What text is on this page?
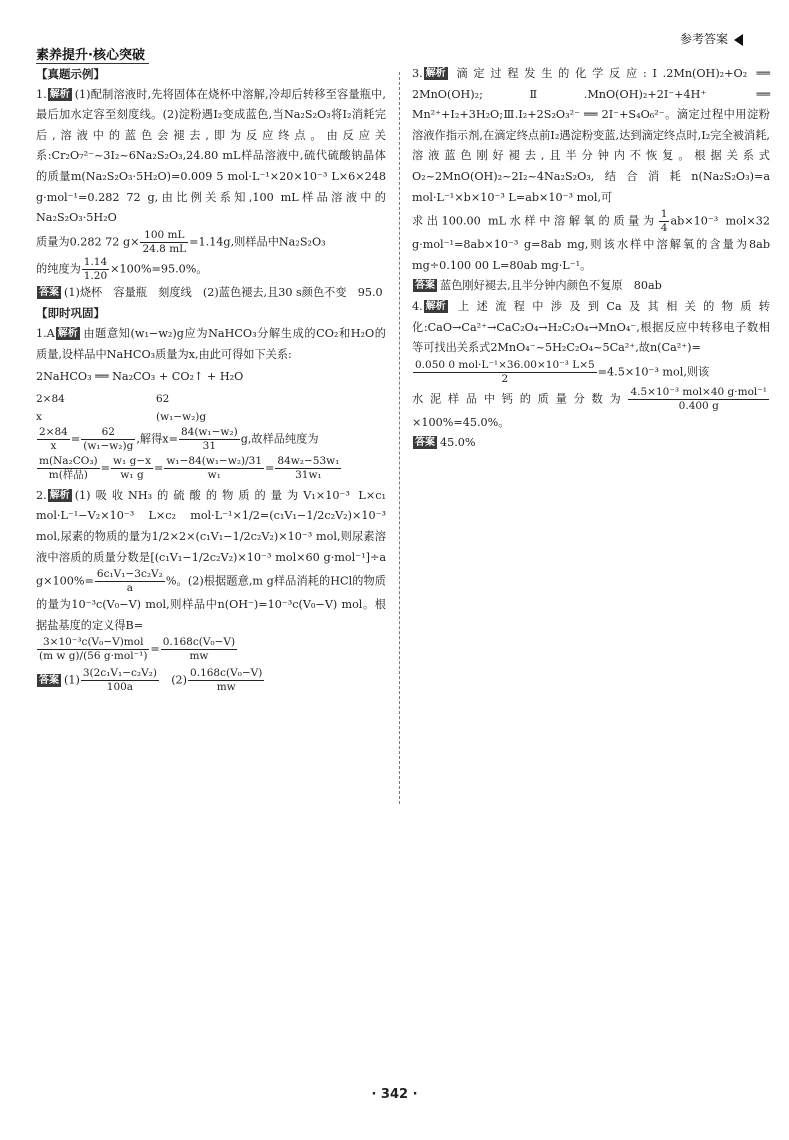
素养提升·核心突破
参考答案
【真题示例】

1. 解析 (1)配制溶液时,先将固体在烧杯中溶解,冷却后转移至容量瓶中,最后加水定容至刻度线。(2)淀粉遇I₂变成蓝色,当Na₂S₂O₃将I₂消耗完后,溶液中的蓝色会褪去,即为反应终点。由反应关系:Cr₂O₇²⁻~3I₂~6Na₂S₂O₃,24.80 mL样品溶液中,硫代硫酸钠晶体的质量m(Na₂S₂O₃·5H₂O)=0.009 5 mol·L⁻¹×20×10⁻³ L×6×248 g·mol⁻¹=0.282 72 g,由比例关系知,100 mL样品溶液中的Na₂S₂O₃·5H₂O

质量为0.282 72 $g\times \frac{100 mL}{24.8 mL} =1.14g$,则样品中Na₂S₂O₃

的纯度为 $\frac{1.14}{1.20} \times 100\%=95.0\%$。

答案 (1)烧杯　容量瓶　刻度线　(2)蓝色褪去,且30 s颜色不变　95.0

【即时巩固】

1.A 解析 由题意知(w₁−w₂)g应为NaHCO₃分解生成的CO₂和H₂O的质量,设样品中NaHCO₃质量为x,由此可得如下关系:

2NaHCO₃ ══ Na₂CO₃ + CO₂↑ + H₂O
2×84	62
x	(w₁−w₂)g

$\frac{2\times 84}{x} = \frac{62}{\text{(w₁−w₂)g}}$ ,解得$x= \frac{\text{84(w₁−w₂)}}{31} g$,故样品纯度为

$\frac{\text{m(Na₂CO₃)}}{\text{m(样品)}} = \frac{\text{w₁ g−x}}{\text{w₁ g}} = \frac{\text{w₁−84(w₁−w₂)/31}}{\text{w₁}} = \frac{\text{84w₂−53w₁}}{\text{31w₁}}$

2. 解析 (1)吸收NH₃的硫酸的物质的量为V₁×10⁻³ L×c₁ mol·L⁻¹−V₂×10⁻³ L×c₂ mol·L⁻¹×1/2=(c₁V₁−1/2c₂V₂)×10⁻³ mol,尿素的物质的量为1/2×2×(c₁V₁−1/2c₂V₂)×10⁻³ mol,则尿素溶液中溶质的质量分数是[(c₁V₁−1/2c₂V₂)×10⁻³ mol×60 g·mol⁻¹]÷a $g\times 100\%= \frac{\text{6c₁V₁−3c₂V₂}}{a}$ %。(2)根据题意,m g样品消耗的HCl的物质的量为10⁻³c(V₀−V) mol,则样品中n(OH⁻)=10⁻³c(V₀−V) mol。根据盐基度的定义得B=

$\frac{\text{3×10⁻³c(V₀−V)mol}}{\text{(m w g)/(56 g·mol⁻¹)}} = \frac{\text{0.168c(V₀−V)}}{mw}$

答案 $(1) \frac{\text{3(2c₁V₁−c₂V₂)}}{100a}$
　 $(2) \frac{\text{0.168c(V₀−V)}}{mw}$

3. 解析 滴定过程发生的化学反应:Ⅰ.2Mn(OH)₂+O₂ ══ 2MnO(OH)₂;Ⅱ.MnO(OH)₂+2I⁻+4H⁺ ══ Mn²⁺+I₂+3H₂O;Ⅲ.I₂+2S₂O₃²⁻ ══ 2I⁻+S₄O₆²⁻。滴定过程中用淀粉溶液作指示剂,在滴定终点前I₂遇淀粉变蓝,达到滴定终点时,I₂完全被消耗,溶液蓝色刚好褪去,且半分钟内不恢复。根据关系式O₂~2MnO(OH)₂~2I₂~4Na₂S₂O₃,结合消耗n(Na₂S₂O₃)=a mol·L⁻¹×b×10⁻³ L=ab×10⁻³ mol,可

求出100.00 mL水样中溶解氧的质量为 $\frac{1}{4} ab\times 10^{-3}$ mol×32 g·mol⁻¹=8ab×10⁻³ g=8ab mg,则该水样中溶解氧的含量为8ab mg÷0.100 00 L=80ab mg·L⁻¹。

答案 蓝色刚好褪去,且半分钟内颜色不复原　80ab

4. 解析 上述流程中涉及到Ca及其相关的物质转化:CaO→Ca²⁺→CaC₂O₄→H₂C₂O₄→MnO₄⁻,根据反应中转移电子数相等可找出关系式2MnO₄⁻~5H₂C₂O₄~5Ca²⁺,故n(Ca²⁺)=

$\frac{\text{0.050 0 mol·L⁻¹×36.00×10⁻³ L×5}}{2} =4.5\times 10^{-3}$ mol,则该

水泥样品中钙的质量分数为 $\frac{\text{4.5×10⁻³ mol×40 g·mol⁻¹}}{0.400 g}$
×100%=45.0%。

答案 45.0%

· 342 ·
